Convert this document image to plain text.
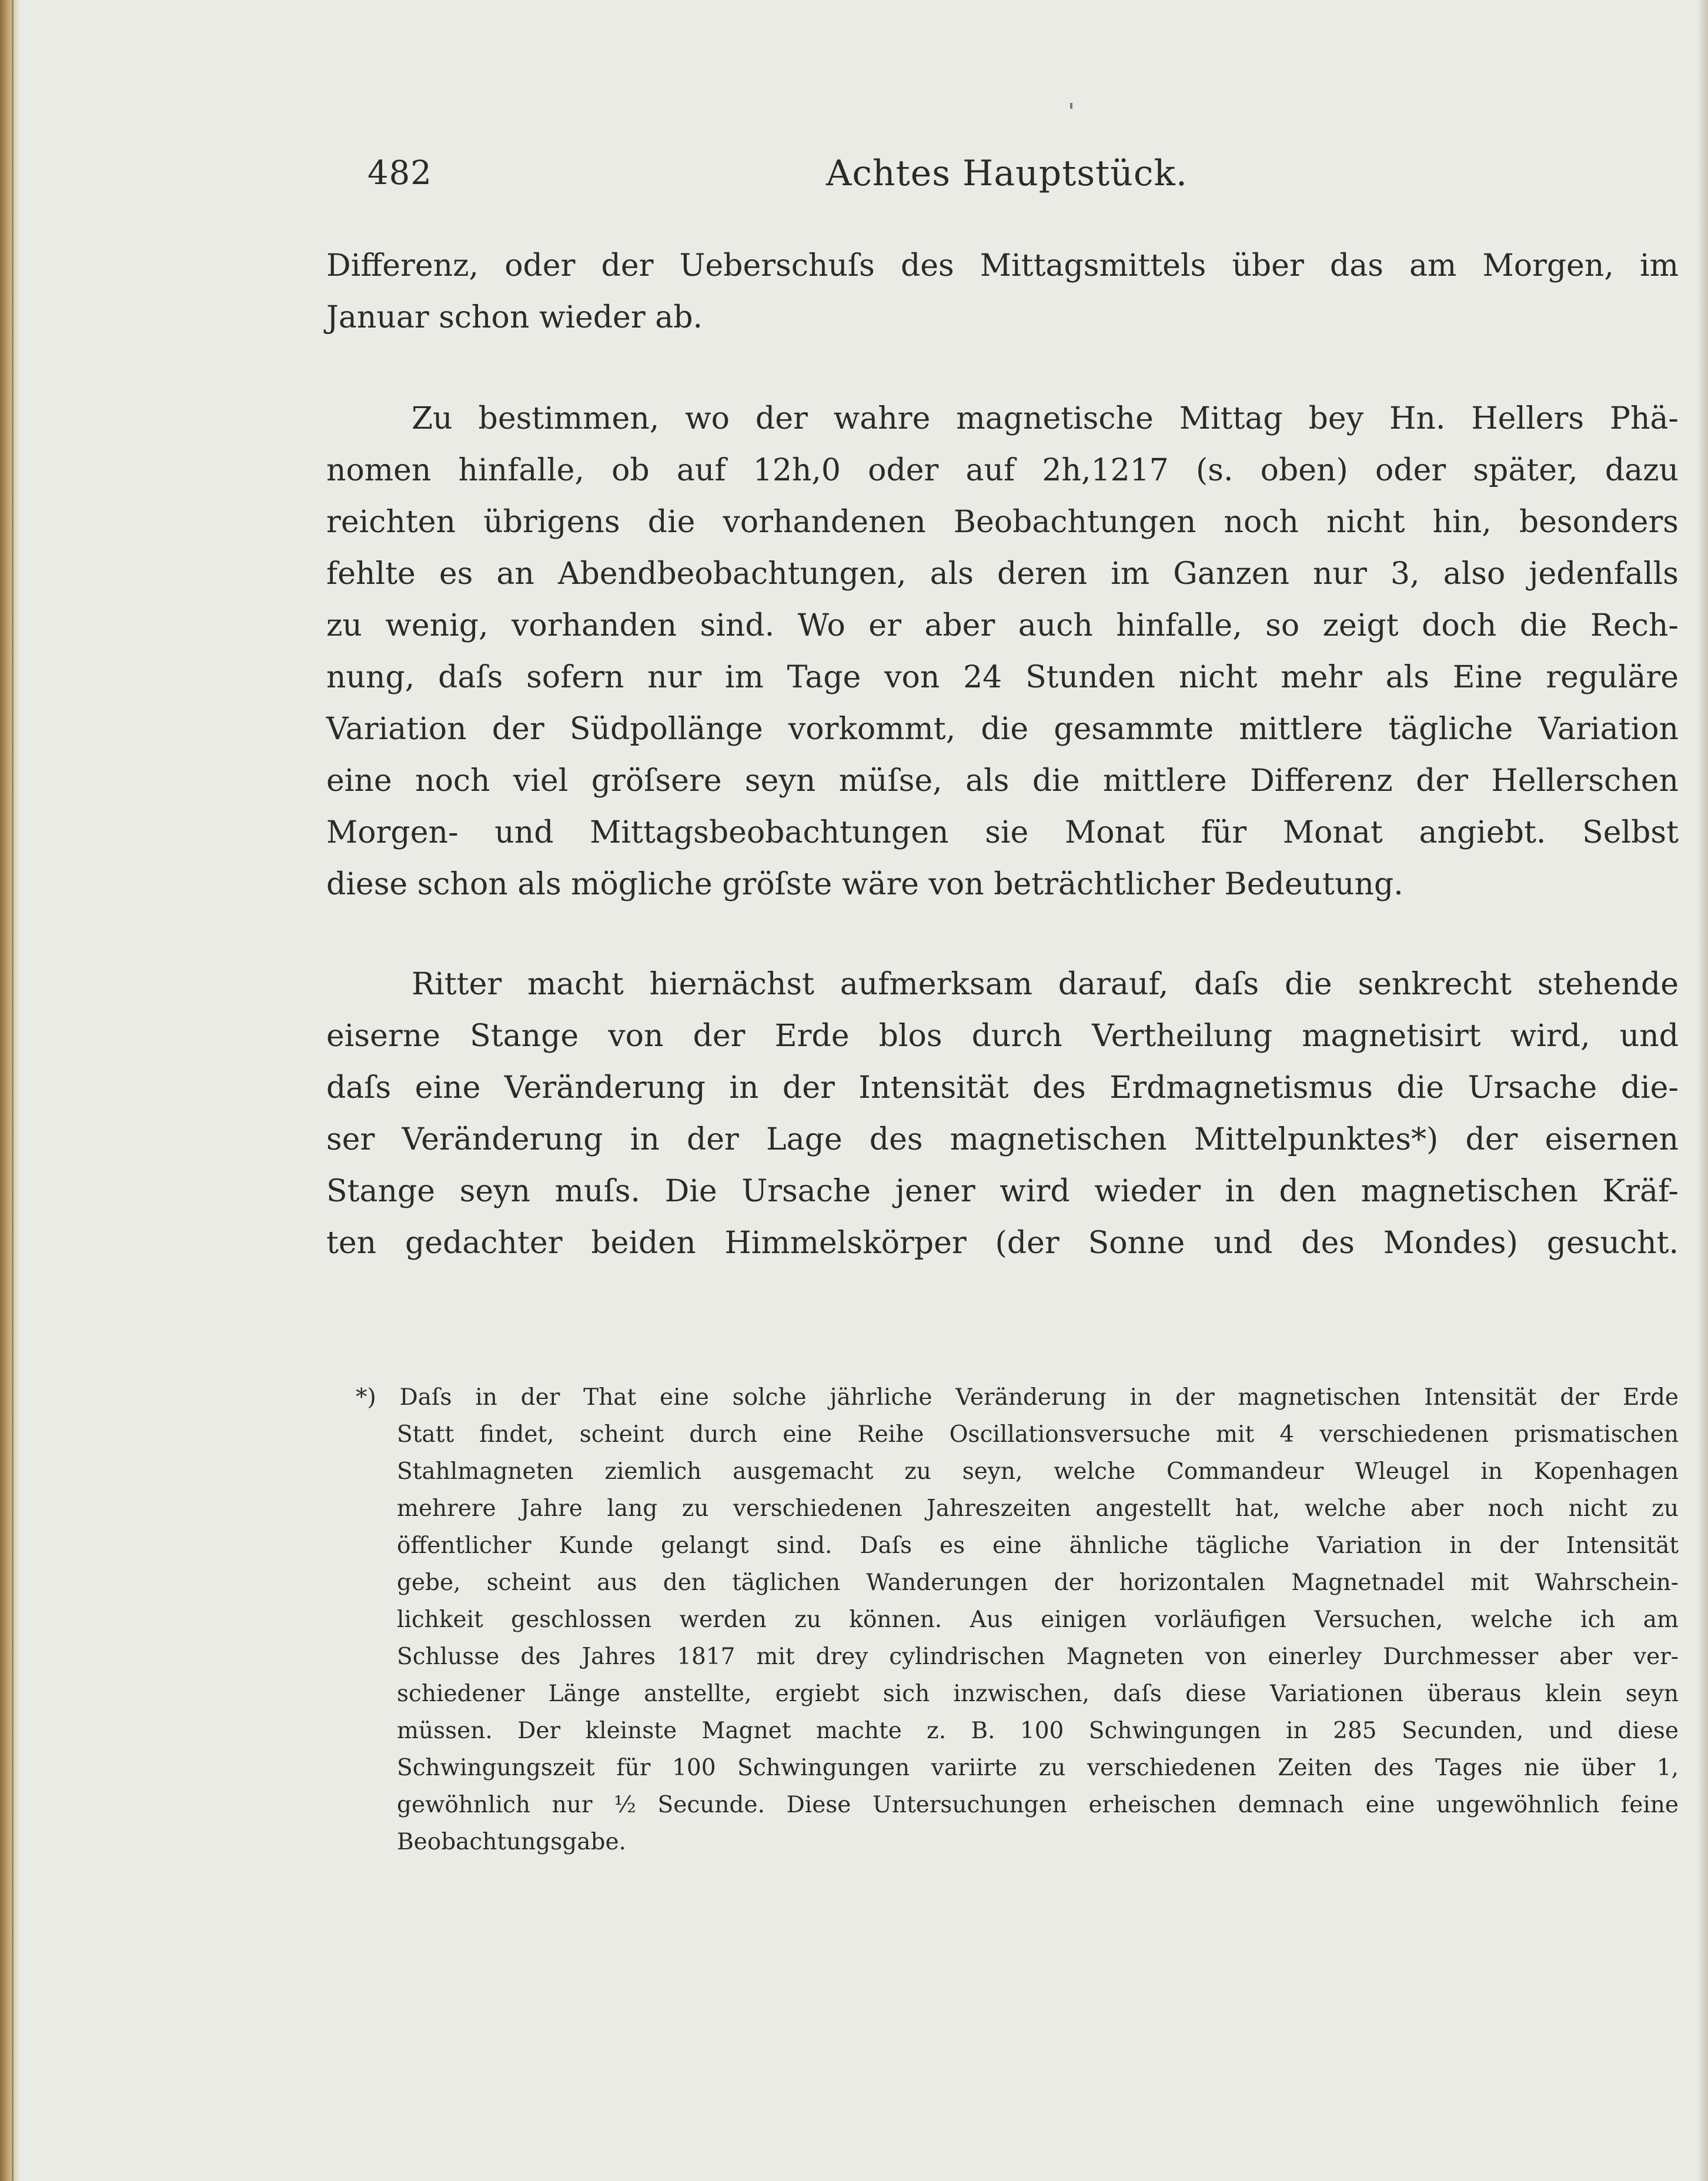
482	Achtes Hauptstück.

Differenz, oder der Ueberschuſs des Mittagsmittels über das am Morgen, im
Januar schon wieder ab.

Zu bestimmen, wo der wahre magnetische Mittag bey Hn. Hellers Phä-
nomen hinfalle, ob auf 12h,0 oder auf 2h,1217 (s. oben) oder später, dazu
reichten übrigens die vorhandenen Beobachtungen noch nicht hin, besonders
fehlte es an Abendbeobachtungen, als deren im Ganzen nur 3, also jedenfalls
zu wenig, vorhanden sind. Wo er aber auch hinfalle, so zeigt doch die Rech-
nung, daſs sofern nur im Tage von 24 Stunden nicht mehr als Eine reguläre
Variation der Südpollänge vorkommt, die gesammte mittlere tägliche Variation
eine noch viel gröſsere seyn müſse, als die mittlere Differenz der Hellerschen
Morgen- und Mittagsbeobachtungen sie Monat für Monat angiebt. Selbst
diese schon als mögliche gröſste wäre von beträchtlicher Bedeutung.

Ritter macht hiernächst aufmerksam darauf, daſs die senkrecht stehende
eiserne Stange von der Erde blos durch Vertheilung magnetisirt wird, und
daſs eine Veränderung in der Intensität des Erdmagnetismus die Ursache die-
ser Veränderung in der Lage des magnetischen Mittelpunktes*) der eisernen
Stange seyn muſs. Die Ursache jener wird wieder in den magnetischen Kräf-
ten gedachter beiden Himmelskörper (der Sonne und des Mondes) gesucht.

*) Daſs in der That eine solche jährliche Veränderung in der magnetischen Intensität der Erde
Statt findet, scheint durch eine Reihe Oscillationsversuche mit 4 verschiedenen prismatischen
Stahlmagneten ziemlich ausgemacht zu seyn, welche Commandeur Wleugel in Kopenhagen
mehrere Jahre lang zu verschiedenen Jahreszeiten angestellt hat, welche aber noch nicht zu
öffentlicher Kunde gelangt sind. Daſs es eine ähnliche tägliche Variation in der Intensität
gebe, scheint aus den täglichen Wanderungen der horizontalen Magnetnadel mit Wahrschein-
lichkeit geschlossen werden zu können. Aus einigen vorläufigen Versuchen, welche ich am
Schlusse des Jahres 1817 mit drey cylindrischen Magneten von einerley Durchmesser aber ver-
schiedener Länge anstellte, ergiebt sich inzwischen, daſs diese Variationen überaus klein seyn
müssen. Der kleinste Magnet machte z. B. 100 Schwingungen in 285 Secunden, und diese
Schwingungszeit für 100 Schwingungen variirte zu verschiedenen Zeiten des Tages nie über 1,
gewöhnlich nur ½ Secunde. Diese Untersuchungen erheischen demnach eine ungewöhnlich feine
Beobachtungsgabe.
